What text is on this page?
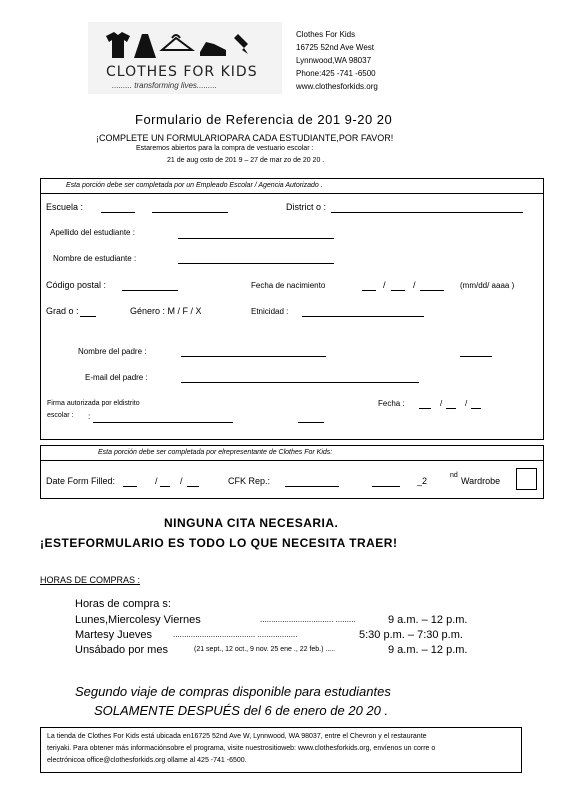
CLOTHES FOR KIDS
......... transforming lives.........
Clothes For Kids
16725 52nd Ave West
Lynnwood,WA 98037
Phone:425 -741 -6500
www.clothesforkids.org
Formulario de Referencia de 201 9-20 20
¡COMPLETE UN FORMULARIOPARA CADA ESTUDIANTE,POR FAVOR!
Estaremos abiertos para la compra de vestuario escolar :
21 de aug osto de 201 9 – 27 de mar zo de 20 20 .
Esta porción debe ser completada por un Empleado Escolar / Agencia Autorizado .
Escuela :	District o :
Apellido del estudiante :
Nombre de estudiante :
Código postal :	Fecha de nacimiento	/	/	(mm/dd/ aaaa )
Grad o :	Género : M / F / X	Etnicidad :
Nombre del padre :
E-mail del padre :
Firma autorizada por eldistrito
escolar : :
Fecha :	/	/
Esta porción debe ser completada por elrepresentante de Clothes For Kids:
Date Form Filled:	/ /	CFK Rep.:	_2
nd
Wardrobe
NINGUNA CITA NECESARIA.
¡ESTEFORMULARIO ES TODO LO QUE NECESITA TRAER!
HORAS DE COMPRAS :
Horas de compra s:
Lunes,Miercolesy Viernes	................................. .........	9 a.m. – 12 p.m.
Martesy Jueves	..................................... ..................	5:30 p.m. – 7:30 p.m.
Unsábado por mes	(21 sept., 12 oct., 9 nov. 25 ene ., 22 feb.) .....	9 a.m. – 12 p.m.
Segundo viaje de compras disponible para estudiantes
SOLAMENTE DESPUÉS del 6 de enero de 20 20 .
La tienda de Clothes For Kids está ubicada en16725 52nd Ave W, Lynnwood, WA 98037, entre el Chevron y el restaurante
teriyaki. Para obtener más informaciónsobre el programa, visite nuestrositioweb: www.clothesforkids.org, envíenos un corre o
electrónicoa office@clothesforkids.org ollame al 425 -741 -6500.
